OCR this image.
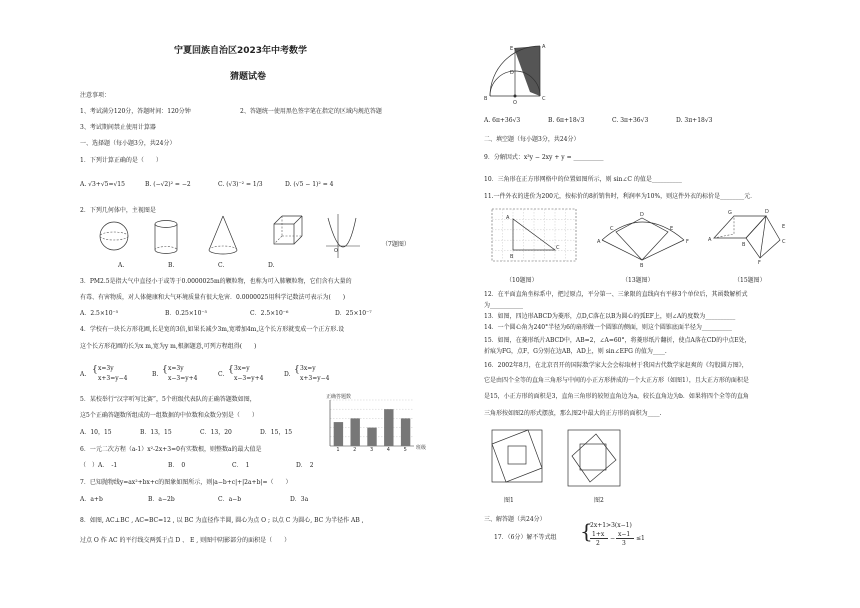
宁夏回族自治区2023年中考数学
猜题试卷
注意事项：
1、考试满分120分，答题时间：120分钟	2、答题统一使用黑色签字笔在指定的区域内规范答题
3、考试期间禁止使用计算器
一、选择题（每小题3分，共24分）
1．下列计算正确的是（　　）
A. √3+√5=√15	B. (−√2)² = −2	C. (√3)⁻² = 1/3	D. (√5 − 1)² = 4
2．下列几何体中，主视图是
O
（7题图）
A.	B.	C.	D.
3．PM2.5是指大气中直径小于或等于0.0000025m的颗粒物，也称为可入肺颗粒物，它们含有大量的
有毒、有害物质，对人体健康和大气环境质量有很大危害．0.0000025用科学记数法可表示为(　　)
A．2.5×10⁻⁵	B．0.25×10⁻⁵	C．2.5×10⁻⁶	D．25×10⁻⁷
4．学校有一块长方形花圃,长是宽的3倍,如果长减少3m,宽增加4m,这个长方形就变成一个正方形.设
这个长方形花圃的长为x m,宽为y m,根据题意,可列方程组得(　　)
A. { x=3y
x+3=y−4
B. { x=3y
x−3=y+4
C. { 3x=y
x−3=y+4
D. { 3x=y
x+3=y−4
5．某校举行“汉字听写比赛”，5个班级代表队的正确答题数如图，
这5个正确答题数所组成的一组数据的中位数和众数分别是（　　）
A．10，15	B．13，15	C．13，20	D．15，15
正确答题数
1	2	3	4	5 班级
6．一元二次方程（a-1）x²-2x+3=0有实数根，则整数a的最大值是
（　）A．　-1	B．　0	C．　1	D．　2
7．已知抛物线y=ax²+bx+c的图象如图所示，则|a−b+c|+|2a+b|=（　　）
A．a+b	B．a−2b	C．a−b	D．3a
8．如图, AC⊥BC , AC=BC=12 , 以 BC 为直径作半圆, 圆心为点 O ; 以点 C 为圆心, BC 为半径作 AB ,
过点 O 作 AC 的平行线交两弧于点 D 、 E , 则图中阴影部分的面积是（　　）
E	A
D
B
O
C
A. 6π+36√3	B. 6π+18√3	C. 3π+36√3	D. 3π+18√3
二、填空题（每小题3分，共24分）
9．分解因式：x³y − 2xy + y = __________
10．三角形在正方形网格中的位置如图所示，则 sin∠C 的值是__________
11.一件外衣的进价为200元，按标价的8折销售时，利润率为10%，则这件外衣的标价是________元．
A
B
C
A
B
C
D
E
F
G	D
A
B
E
C
F
（10题图）	（13题图）	（15题图）
12．在平面直角坐标系中，把过原点，平分第一、三象限的直线向右平移3个单位后，其函数解析式
为___________
13．如图，四边形ABCD为菱形，点D,C落在以B为圆心的弧EF上，则∠A的度数为__________
14．一个圆心角为240°半径为6的扇形做一个圆锥的侧面，则这个圆锥底面半径为__________
15．如图，在菱形纸片ABCD中，AB=2，∠A=60°，将菱形纸片翻折，使点A落在CD的中点E处，
折痕为FG，点F，G分别在边AB，AD上，则 sin∠EFG 的值为____.
16．2002年8月，在北京召开的国际数学家大会会标取材于我国古代数学家赵爽的《勾股圆方图》，
它是由四个全等的直角三角形与中间的小正方形拼成的一个大正方形（如图1），且大正方形的面积是
是15，小正方形的面积是3，直角三角形的较短直角边为a，较长直角边为b．如果将四个全等的直角
三角形按如图2的形式摆放，那么图2中最大的正方形的面积为____.
图1	图2
三、解答题（共24分）
17．（6分）解不等式组 {
2x+1>3(x−1)
1+x
2
−
x−1
3
≤1
